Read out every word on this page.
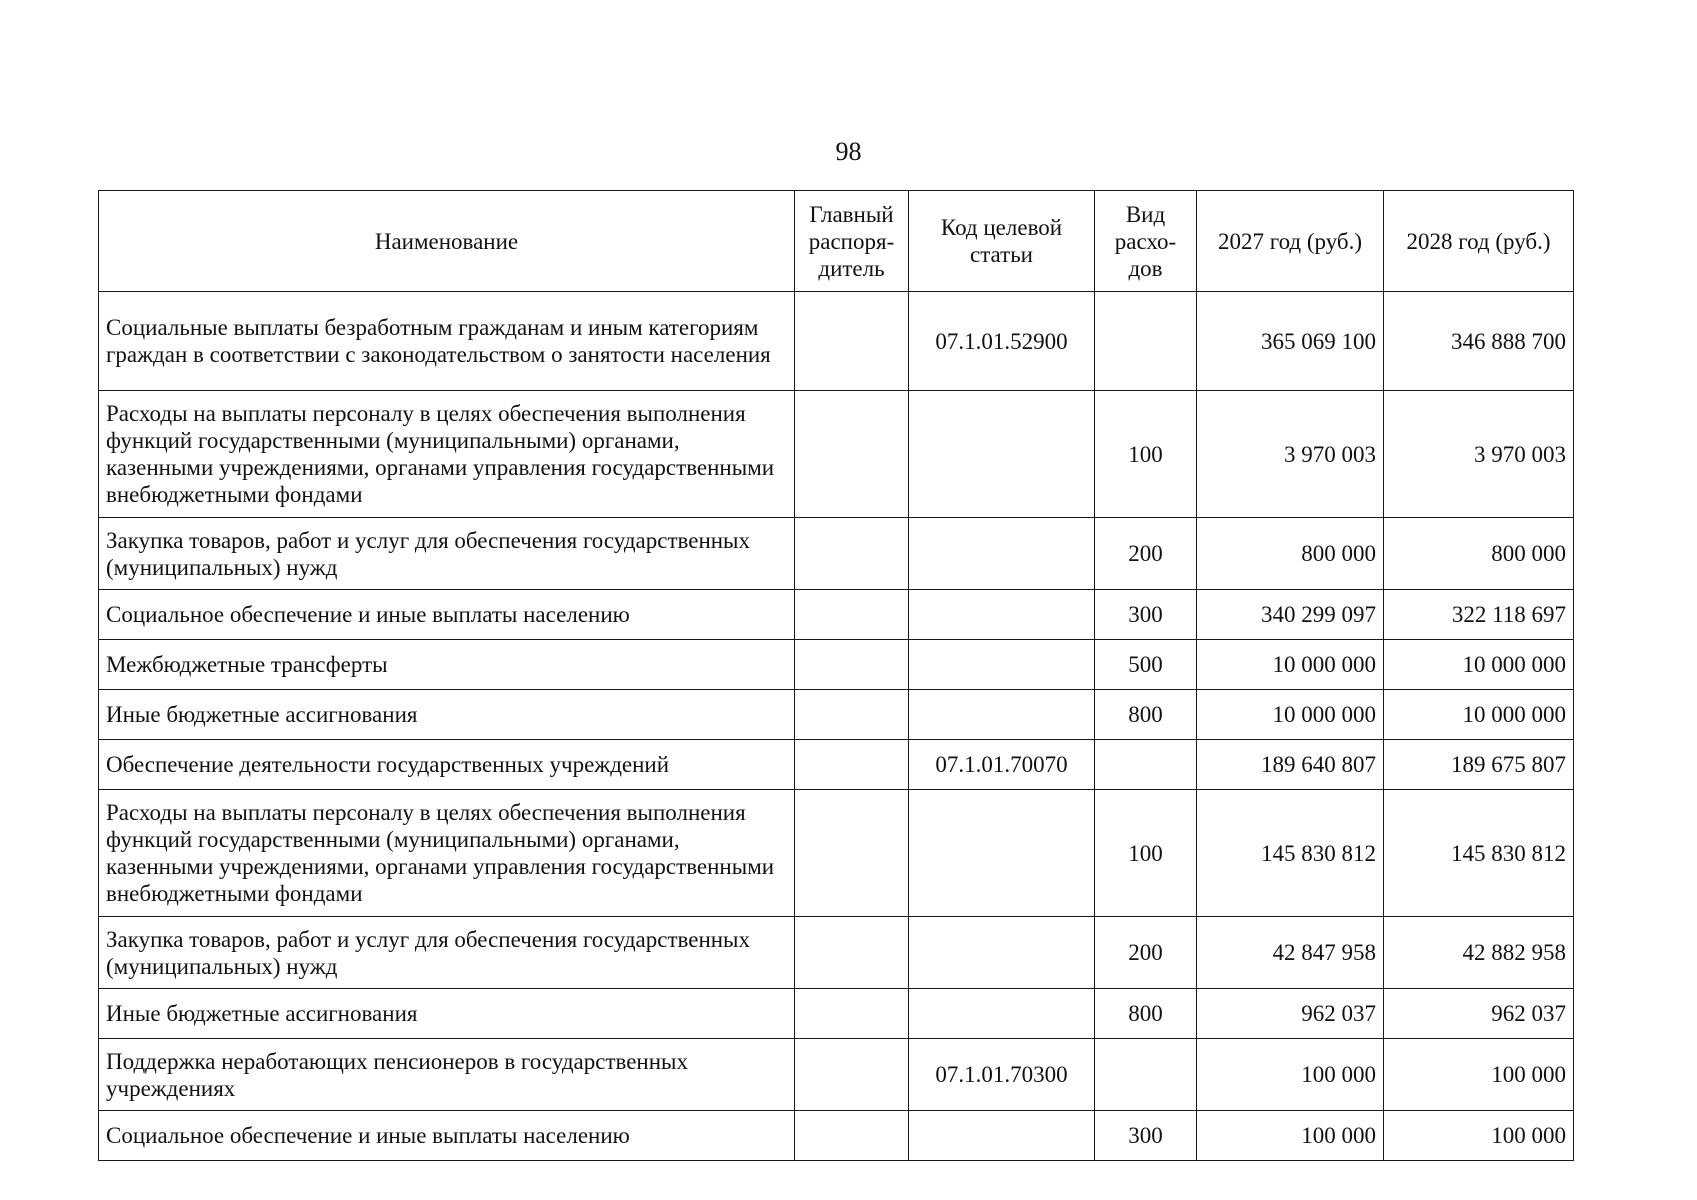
98
Наименование	Главный распоря-дитель	Код целевой статьи	Вид расхо-дов	2027 год (руб.)	2028 год (руб.)
Социальные выплаты безработным гражданам и иным категориям граждан в соответствии с законодательством о занятости населения		07.1.01.52900		365 069 100	346 888 700
Расходы на выплаты персоналу в целях обеспечения выполнения функций государственными (муниципальными) органами, казенными учреждениями, органами управления государственными внебюджетными фондами			100	3 970 003	3 970 003
Закупка товаров, работ и услуг для обеспечения государственных (муниципальных) нужд			200	800 000	800 000
Социальное обеспечение и иные выплаты населению			300	340 299 097	322 118 697
Межбюджетные трансферты			500	10 000 000	10 000 000
Иные бюджетные ассигнования			800	10 000 000	10 000 000
Обеспечение деятельности государственных учреждений		07.1.01.70070		189 640 807	189 675 807
Расходы на выплаты персоналу в целях обеспечения выполнения функций государственными (муниципальными) органами, казенными учреждениями, органами управления государственными внебюджетными фондами			100	145 830 812	145 830 812
Закупка товаров, работ и услуг для обеспечения государственных (муниципальных) нужд			200	42 847 958	42 882 958
Иные бюджетные ассигнования			800	962 037	962 037
Поддержка неработающих пенсионеров в государственных учреждениях		07.1.01.70300		100 000	100 000
Социальное обеспечение и иные выплаты населению			300	100 000	100 000
